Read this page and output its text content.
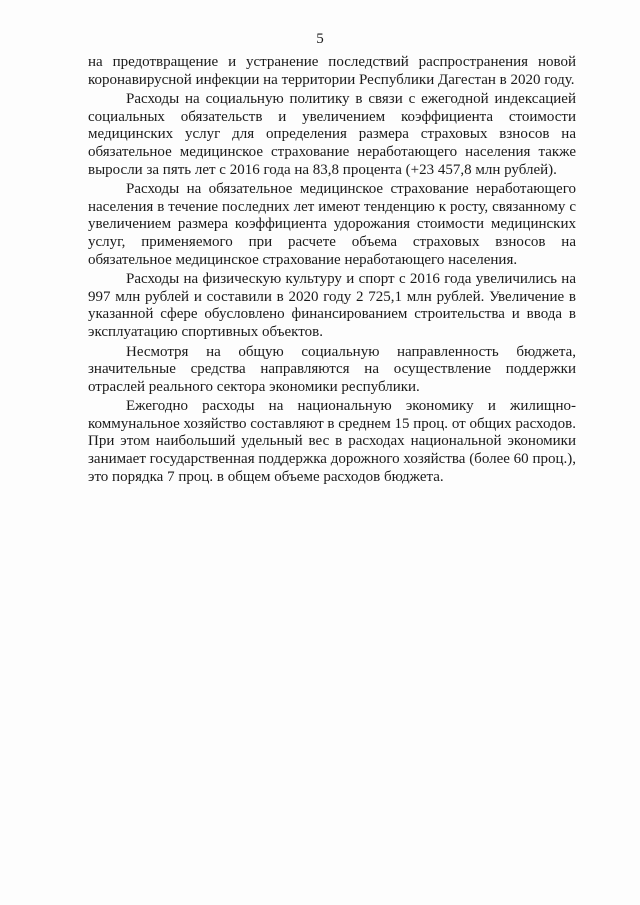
5

на предотвращение и устранение последствий распространения новой коронавирусной инфекции на территории Республики Дагестан в 2020 году.

Расходы на социальную политику в связи с ежегодной индексацией социальных обязательств и увеличением коэффициента стоимости медицинских услуг для определения размера страховых взносов на обязательное медицинское страхование неработающего населения также выросли за пять лет с 2016 года на 83,8 процента (+23 457,8 млн рублей).

Расходы на обязательное медицинское страхование неработающего населения в течение последних лет имеют тенденцию к росту, связанному с увеличением размера коэффициента удорожания стоимости медицинских услуг, применяемого при расчете объема страховых взносов на обязательное медицинское страхование неработающего населения.

Расходы на физическую культуру и спорт с 2016 года увеличились на 997 млн рублей и составили в 2020 году 2 725,1 млн рублей. Увеличение в указанной сфере обусловлено финансированием строительства и ввода в эксплуатацию спортивных объектов.

Несмотря на общую социальную направленность бюджета, значительные средства направляются на осуществление поддержки отраслей реального сектора экономики республики.

Ежегодно расходы на национальную экономику и жилищно-коммунальное хозяйство составляют в среднем 15 проц. от общих расходов. При этом наибольший удельный вес в расходах национальной экономики занимает государственная поддержка дорожного хозяйства (более 60 проц.), это порядка 7 проц. в общем объеме расходов бюджета.
